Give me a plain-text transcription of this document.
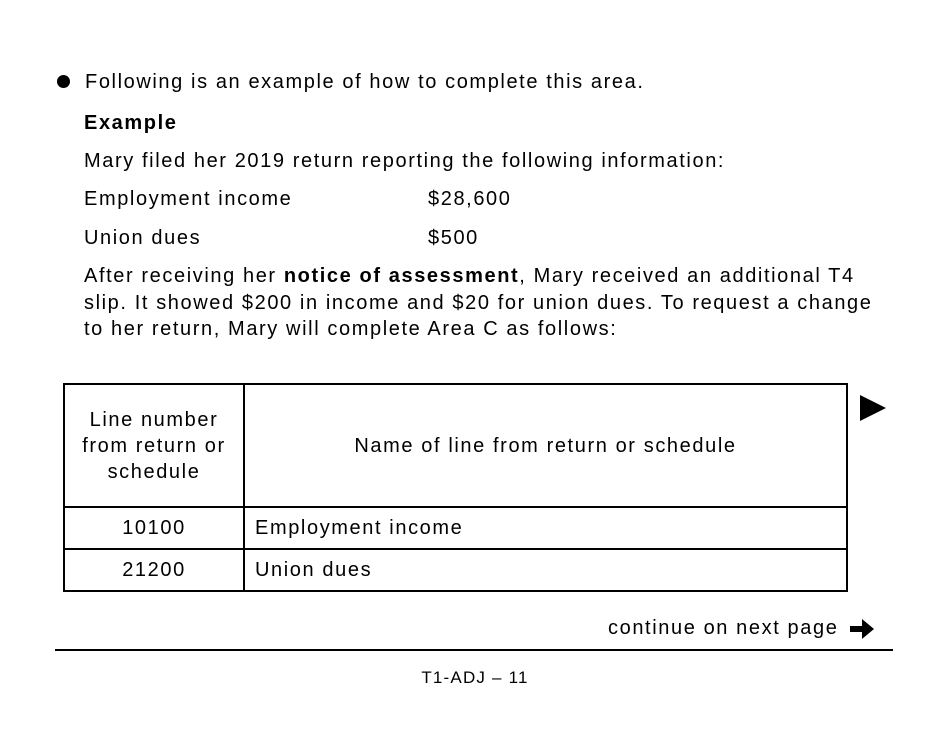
Following is an example of how to complete this area.
Example
Mary filed her 2019 return reporting the following information:
Employment income	$28,600
Union dues	$500
After receiving her notice of assessment, Mary received an additional T4 slip. It showed $200 in income and $20 for union dues. To request a change to her return, Mary will complete Area C as follows:
Line number from return or schedule	Name of line from return or schedule
10100	Employment income
21200	Union dues
continue on next page
T1-ADJ – 11
